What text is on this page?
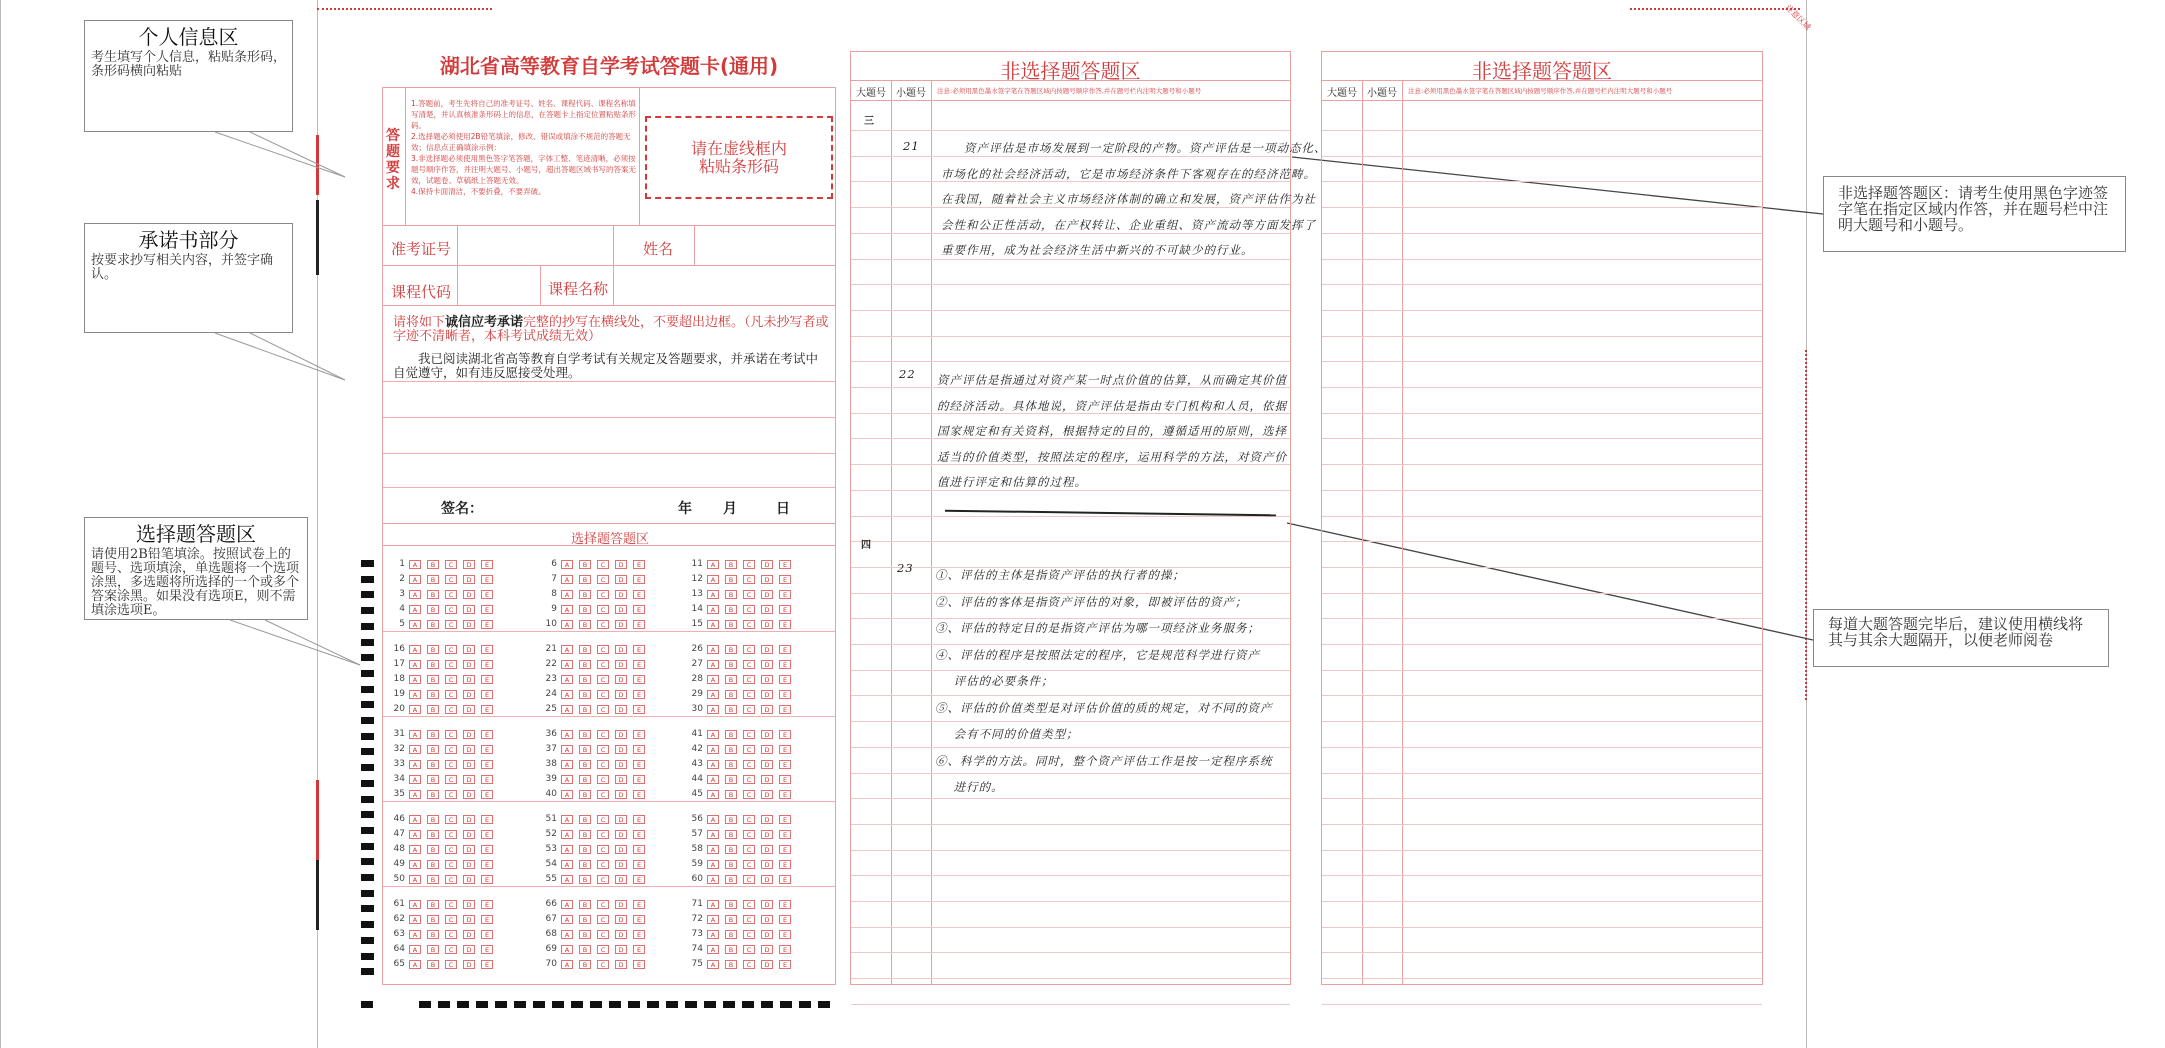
注意区域
个人信息区
考生填写个人信息，粘贴条形码，条形码横向粘贴
承诺书部分
按要求抄写相关内容，并签字确认。
选择题答题区
请使用2B铅笔填涂。按照试卷上的题号、选项填涂，单选题将一个选项涂黑，多选题将所选择的一个或多个答案涂黑。如果没有选项E，则不需填涂选项E。
非选择题答题区：请考生使用黑色字迹签字笔在指定区域内作答，并在题号栏中注明大题号和小题号。
每道大题答题完毕后，建议使用横线将其与其余大题隔开，以便老师阅卷
湖北省高等教育自学考试答题卡(通用)
答题要求
1.答题前，考生先将自己的准考证号、姓名、课程代码、课程名称填写清楚，并认真核准条形码上的信息，在答题卡上指定位置粘贴条形码。
2.选择题必须使用2B铅笔填涂，修改、错误或填涂不规范的答题无效；信息点正确填涂示例：
3.非选择题必须使用黑色签字笔答题，字体工整、笔迹清晰，必须按题号顺序作答，并注明大题号、小题号，超出答题区域书写的答案无效，试题卷、草稿纸上答题无效。
4.保持卡面清洁，不要折叠，不要弄破。
请在虚线框内粘贴条形码
准考证号	姓名
课程代码	课程名称
请将如下诚信应考承诺完整的抄写在横线处，不要超出边框。（凡未抄写者或字迹不清晰者，本科考试成绩无效）
我已阅读湖北省高等教育自学考试有关规定及答题要求，并承诺在考试中自觉遵守，如有违反愿接受处理。
签名：	年 月	日
选择题答题区
1	A	B	C	D	E
2	A	B	C	D	E
3	A	B	C	D	E
4	A	B	C	D	E
5	A	B	C	D	E
6	A	B	C	D	E
7	A	B	C	D	E
8	A	B	C	D	E
9	A	B	C	D	E
10	A	B	C	D	E
11	A	B	C	D	E
12	A	B	C	D	E
13	A	B	C	D	E
14	A	B	C	D	E
15	A	B	C	D	E
16	A	B	C	D	E
17	A	B	C	D	E
18	A	B	C	D	E
19	A	B	C	D	E
20	A	B	C	D	E
21	A	B	C	D	E
22	A	B	C	D	E
23	A	B	C	D	E
24	A	B	C	D	E
25	A	B	C	D	E
26	A	B	C	D	E
27	A	B	C	D	E
28	A	B	C	D	E
29	A	B	C	D	E
30	A	B	C	D	E
31	A	B	C	D	E
32	A	B	C	D	E
33	A	B	C	D	E
34	A	B	C	D	E
35	A	B	C	D	E
36	A	B	C	D	E
37	A	B	C	D	E
38	A	B	C	D	E
39	A	B	C	D	E
40	A	B	C	D	E
41	A	B	C	D	E
42	A	B	C	D	E
43	A	B	C	D	E
44	A	B	C	D	E
45	A	B	C	D	E
46	A	B	C	D	E
47	A	B	C	D	E
48	A	B	C	D	E
49	A	B	C	D	E
50	A	B	C	D	E
51	A	B	C	D	E
52	A	B	C	D	E
53	A	B	C	D	E
54	A	B	C	D	E
55	A	B	C	D	E
56	A	B	C	D	E
57	A	B	C	D	E
58	A	B	C	D	E
59	A	B	C	D	E
60	A	B	C	D	E
61	A	B	C	D	E
62	A	B	C	D	E
63	A	B	C	D	E
64	A	B	C	D	E
65	A	B	C	D	E
66	A	B	C	D	E
67	A	B	C	D	E
68	A	B	C	D	E
69	A	B	C	D	E
70	A	B	C	D	E
71	A	B	C	D	E
72	A	B	C	D	E
73	A	B	C	D	E
74	A	B	C	D	E
75	A	B	C	D	E
非选择题答题区
大题号 小题号 注意:必须用黑色墨水签字笔在答题区域内按题号顺序作答,并在题号栏内注明大题号和小题号
三
四
21
22
23
资产评估是市场发展到一定阶段的产物。资产评估是一项动态化、
市场化的社会经济活动，它是市场经济条件下客观存在的经济范畴。
在我国，随着社会主义市场经济体制的确立和发展，资产评估作为社
会性和公正性活动，在产权转让、企业重组、资产流动等方面发挥了
重要作用，成为社会经济生活中新兴的不可缺少的行业。
资产评估是指通过对资产某一时点价值的估算，从而确定其价值
的经济活动。具体地说，资产评估是指由专门机构和人员，依据
国家规定和有关资料，根据特定的目的，遵循适用的原则，选择
适当的价值类型，按照法定的程序，运用科学的方法，对资产价
值进行评定和估算的过程。
①、评估的主体是指资产评估的执行者的操；
②、评估的客体是指资产评估的对象，即被评估的资产；
③、评估的特定目的是指资产评估为哪一项经济业务服务；
④、评估的程序是按照法定的程序，它是规范科学进行资产
评估的必要条件；
⑤、评估的价值类型是对评估价值的质的规定，对不同的资产
会有不同的价值类型；
⑥、科学的方法。同时，整个资产评估工作是按一定程序系统
进行的。
非选择题答题区
大题号 小题号 注意:必须用黑色墨水签字笔在答题区域内按题号顺序作答,并在题号栏内注明大题号和小题号
